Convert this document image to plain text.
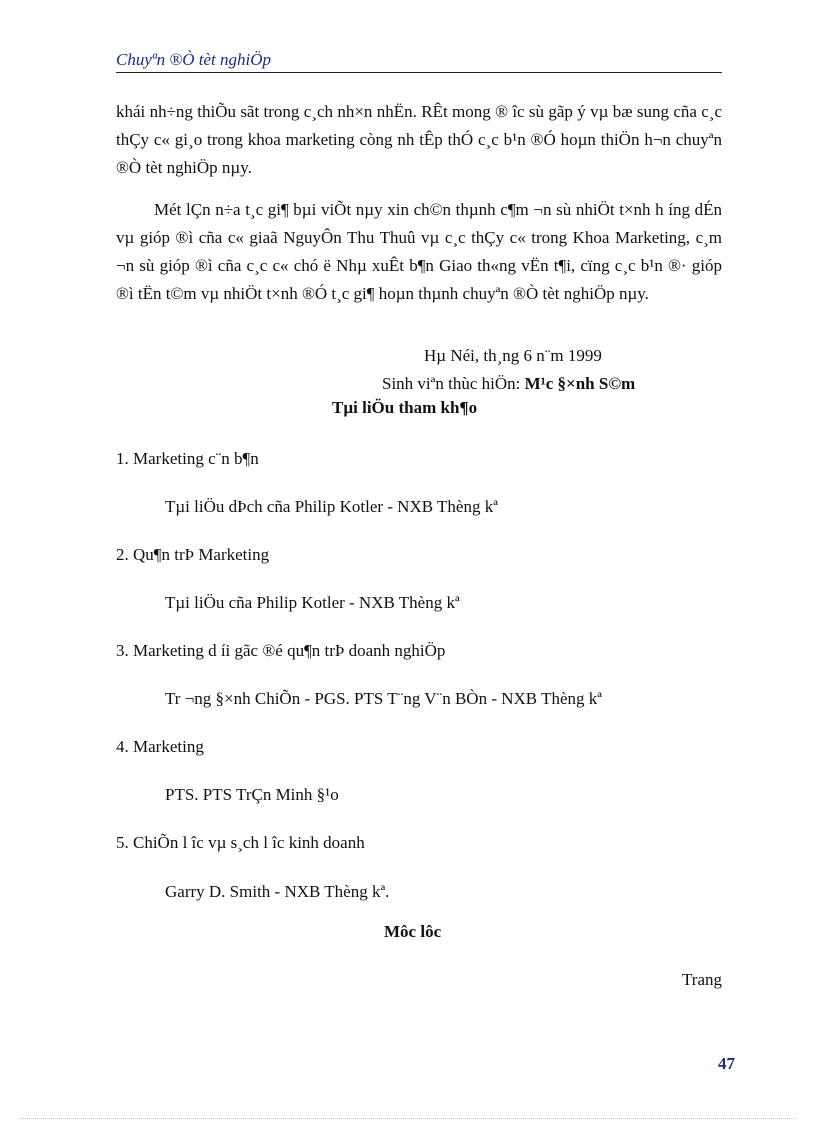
Chuyªn ®Ò tèt nghiÖp

khái nh÷ng thiÕu sãt trong c¸ch nh×n nhËn. RÊt mong ® îc sù gãp ý vµ bæ sung cña c¸c thÇy c« gi¸o trong khoa marketing còng nh tÊp thÓ c¸c b¹n ®Ó hoµn thiÖn h¬n chuyªn ®Ò tèt nghiÖp nµy.

Mét lÇn n÷a t¸c gi¶ bµi viÕt nµy xin ch©n thµnh c¶m ¬n sù nhiÖt t×nh h íng dÉn vµ gióp ®ì cña c« giaã NguyÔn Thu Thuû vµ c¸c thÇy c« trong Khoa Marketing, c¸m ¬n sù gióp ®ì cña c¸c c« chó ë Nhµ xuÊt b¶n Giao th«ng vËn t¶i, cïng c¸c b¹n ®· gióp ®ì tËn t©m vµ nhiÖt t×nh ®Ó t¸c gi¶ hoµn thµnh chuyªn ®Ò tèt nghiÖp nµy.

Hµ Néi, th¸ng 6 n¨m 1999
Sinh viªn thùc hiÖn: M¹c §×nh S©m
Tµi liÖu tham kh¶o
1. Marketing c¨n b¶n
Tµi liÖu dÞch cña Philip Kotler - NXB Thèng kª
2. Qu¶n trÞ Marketing
Tµi liÖu cña Philip Kotler - NXB Thèng kª
3. Marketing d íi gãc ®é qu¶n trÞ doanh nghiÖp
Tr ¬ng §×nh ChiÕn - PGS. PTS T¨ng V¨n BÒn - NXB Thèng kª
4. Marketing
PTS. PTS TrÇn Minh §¹o
5. ChiÕn l îc vµ s¸ch l îc kinh doanh
Garry D. Smith - NXB Thèng kª.
Môc lôc
Trang
47
